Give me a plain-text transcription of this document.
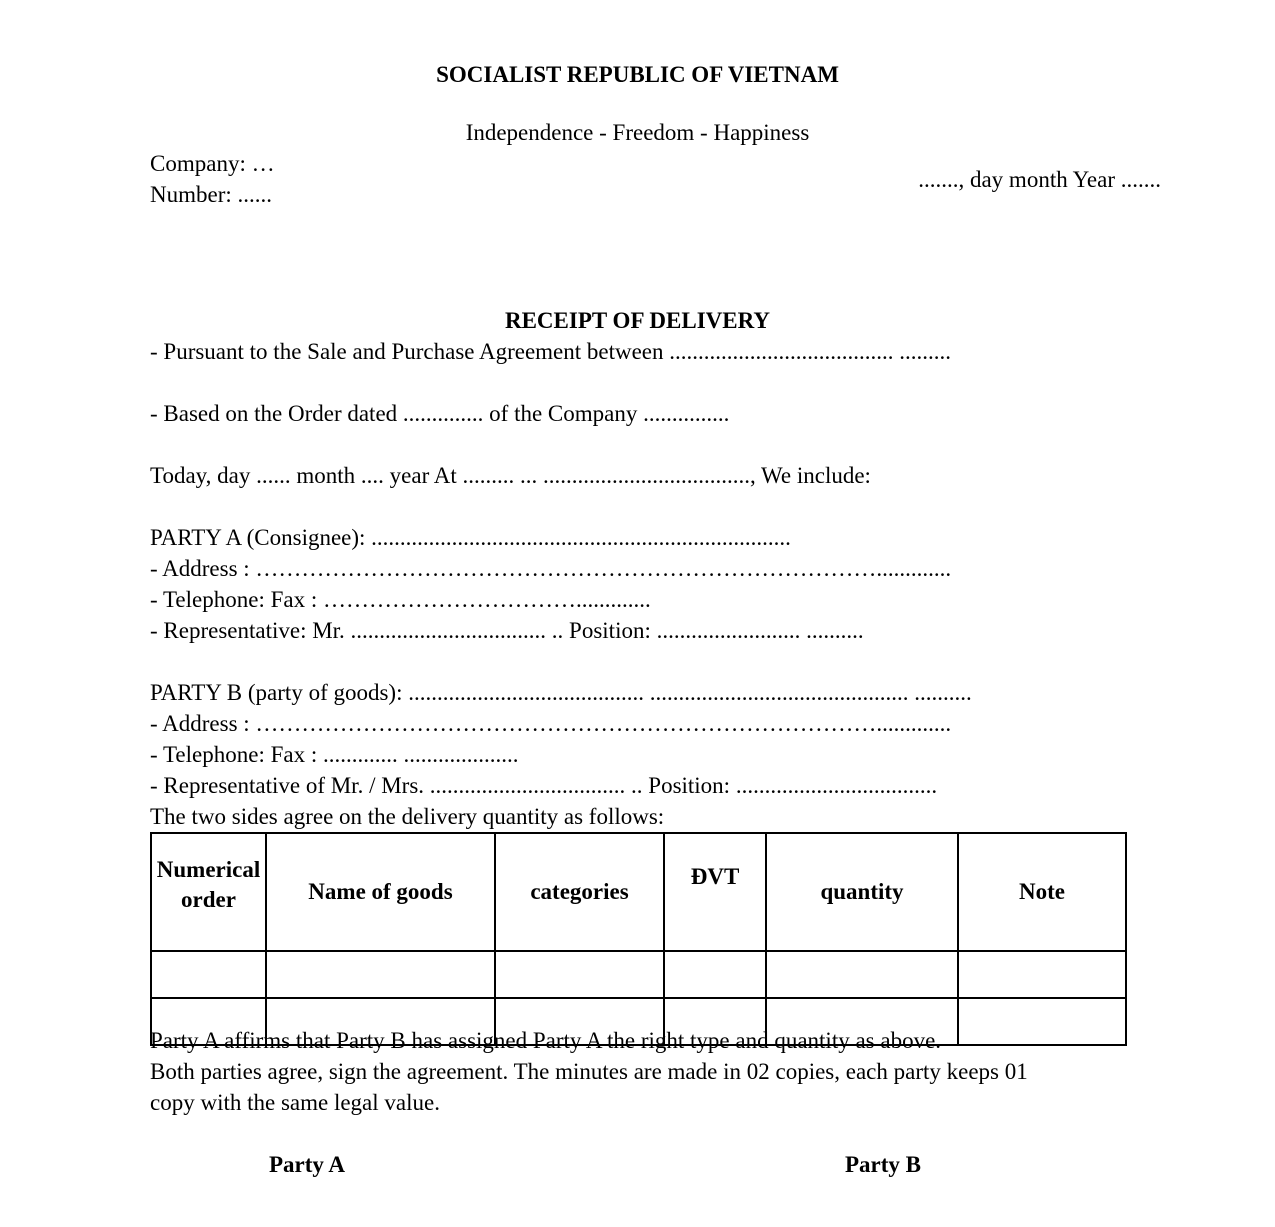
SOCIALIST REPUBLIC OF VIETNAM
Independence - Freedom - Happiness
Company: …
Number: ......
......., day month Year .......
RECEIPT OF DELIVERY
- Pursuant to the Sale and Purchase Agreement between ....................................... .........
- Based on the Order dated .............. of the Company ...............
Today, day ...... month .... year At ......... ... ...................................., We include:
PARTY A (Consignee): .........................................................................
- Address : ……………………………………………………………………….............
- Telephone: Fax : …………………………….............
- Representative: Mr. .................................. .. Position: ......................... ..........
PARTY B (party of goods): ......................................... ............................................. ..........
- Address : ……………………………………………………………………….............
- Telephone: Fax : ............. ....................
- Representative of Mr. / Mrs. .................................. .. Position: ...................................
The two sides agree on the delivery quantity as follows:
Numerical
order	Name of goods	categories	ĐVT	quantity	Note

Party A affirms that Party B has assigned Party A the right type and quantity as above.
Both parties agree, sign the agreement. The minutes are made in 02 copies, each party keeps 01
copy with the same legal value.
Party A	Party B
